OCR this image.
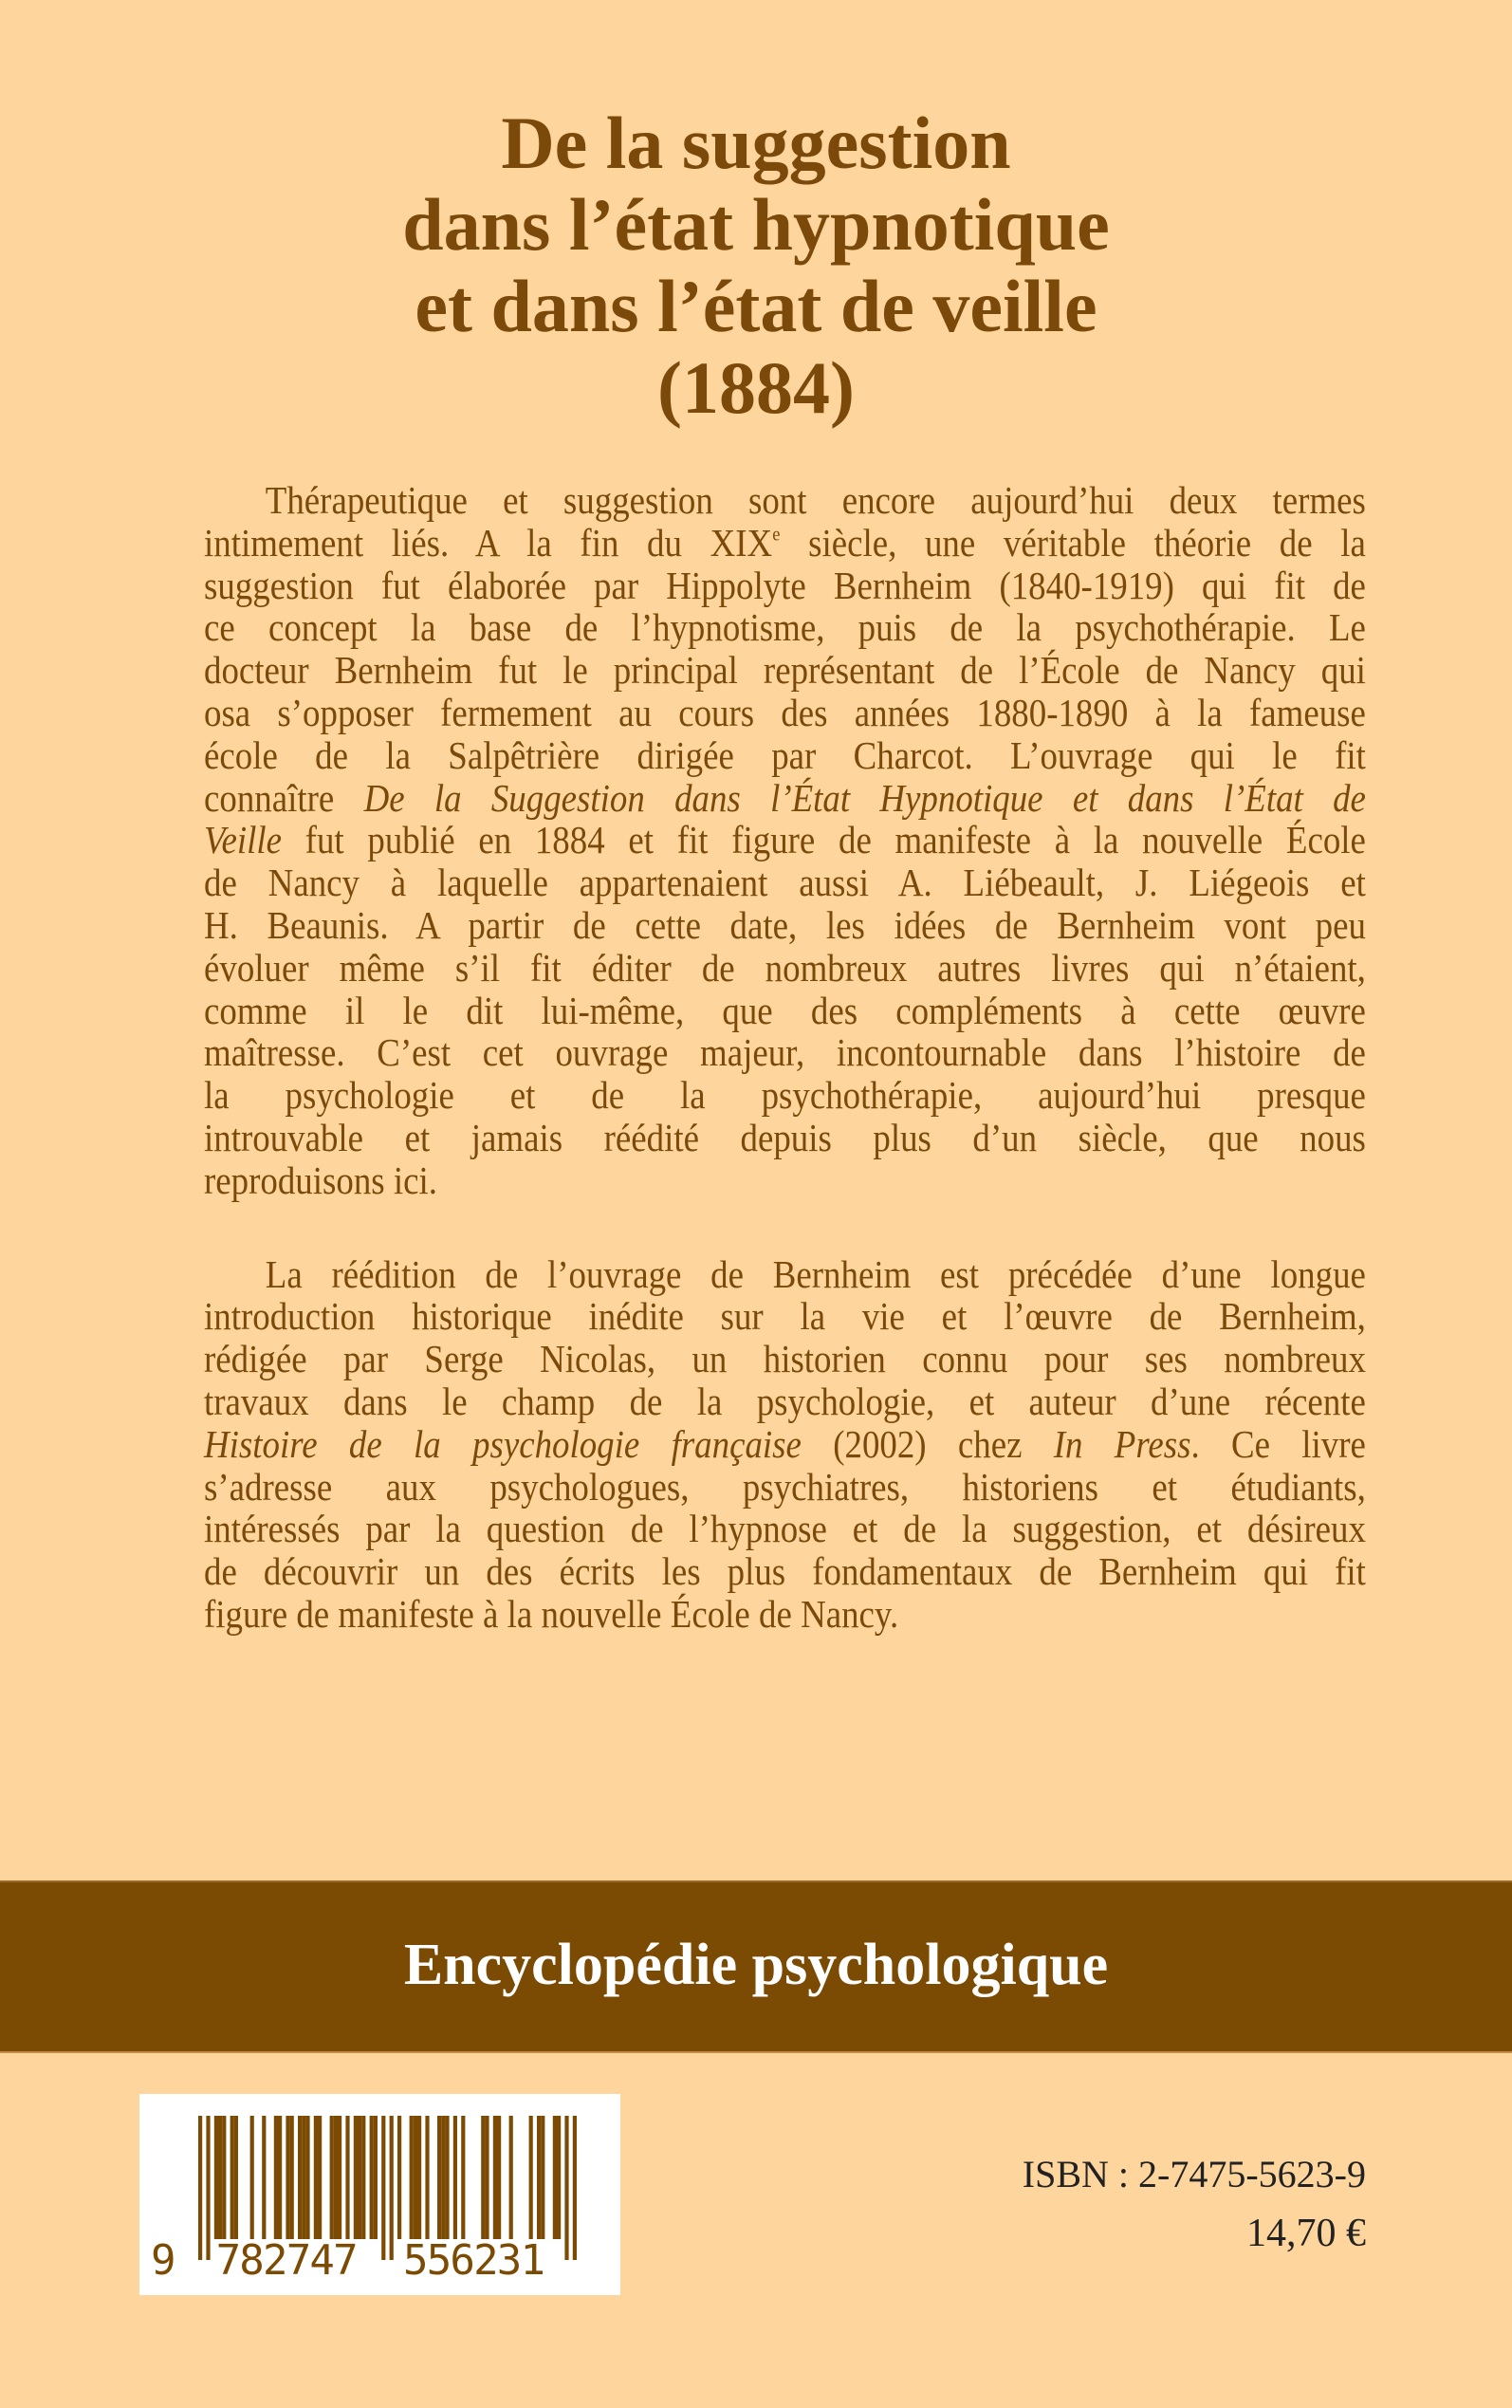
De la suggestion
dans l’état hypnotique
et dans l’état de veille
(1884)
Thérapeutique et suggestion sont encore aujourd’hui deux termes
intimement liés. A la fin du XIXe siècle, une véritable théorie de la
suggestion fut élaborée par Hippolyte Bernheim (1840-1919) qui fit de
ce concept la base de l’hypnotisme, puis de la psychothérapie. Le
docteur Bernheim fut le principal représentant de l’École de Nancy qui
osa s’opposer fermement au cours des années 1880-1890 à la fameuse
école de la Salpêtrière dirigée par Charcot. L’ouvrage qui le fit
connaître De la Suggestion dans l’État Hypnotique et dans l’État de
Veille fut publié en 1884 et fit figure de manifeste à la nouvelle École
de Nancy à laquelle appartenaient aussi A. Liébeault, J. Liégeois et
H. Beaunis. A partir de cette date, les idées de Bernheim vont peu
évoluer même s’il fit éditer de nombreux autres livres qui n’étaient,
comme il le dit lui-même, que des compléments à cette œuvre
maîtresse. C’est cet ouvrage majeur, incontournable dans l’histoire de
la psychologie et de la psychothérapie, aujourd’hui presque
introuvable et jamais réédité depuis plus d’un siècle, que nous
reproduisons ici.
La réédition de l’ouvrage de Bernheim est précédée d’une longue
introduction historique inédite sur la vie et l’œuvre de Bernheim,
rédigée par Serge Nicolas, un historien connu pour ses nombreux
travaux dans le champ de la psychologie, et auteur d’une récente
Histoire de la psychologie française (2002) chez In Press. Ce livre
s’adresse aux psychologues, psychiatres, historiens et étudiants,
intéressés par la question de l’hypnose et de la suggestion, et désireux
de découvrir un des écrits les plus fondamentaux de Bernheim qui fit
figure de manifeste à la nouvelle École de Nancy.
Encyclopédie psychologique
9 782747 556231
ISBN : 2-7475-5623-9
14,70 €
